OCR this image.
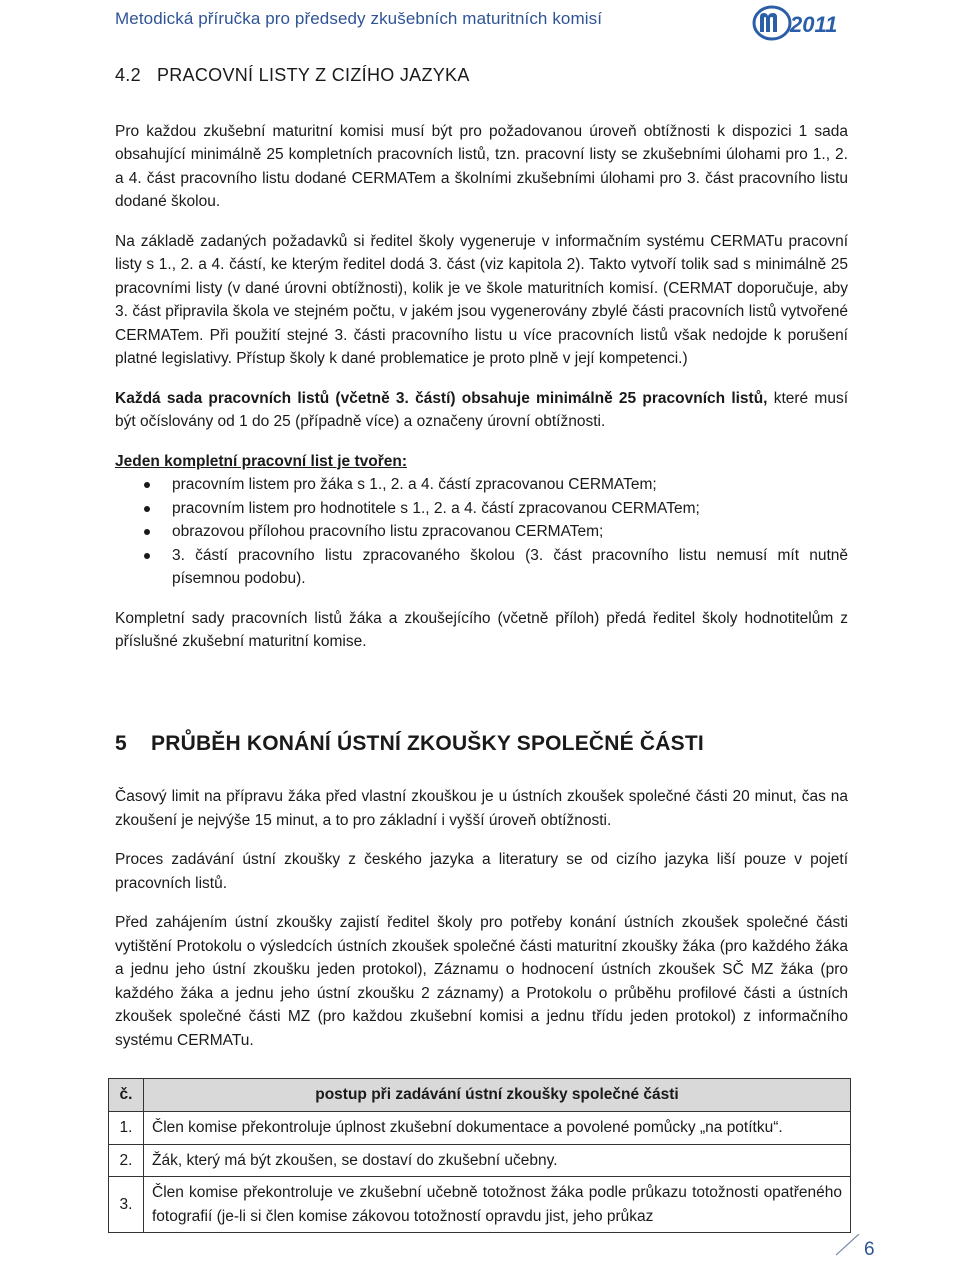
Metodická příručka pro předsedy zkušebních maturitních komisí	2011
4.2 PRACOVNÍ LISTY Z CIZÍHO JAZYKA

Pro každou zkušební maturitní komisi musí být pro požadovanou úroveň obtížnosti k dispozici 1 sada obsahující minimálně 25 kompletních pracovních listů, tzn. pracovní listy se zkušebními úlohami pro 1., 2. a 4. část pracovního listu dodané CERMATem a školními zkušebními úlohami pro 3. část pracovního listu dodané školou.

Na základě zadaných požadavků si ředitel školy vygeneruje v informačním systému CERMATu pracovní listy s 1., 2. a 4. částí, ke kterým ředitel dodá 3. část (viz kapitola 2). Takto vytvoří tolik sad s minimálně 25 pracovními listy (v dané úrovni obtížnosti), kolik je ve škole maturitních komisí. (CERMAT doporučuje, aby 3. část připravila škola ve stejném počtu, v jakém jsou vygenerovány zbylé části pracovních listů vytvořené CERMATem. Při použití stejné 3. části pracovního listu u více pracovních listů však nedojde k porušení platné legislativy. Přístup školy k dané problematice je proto plně v její kompetenci.)

Každá sada pracovních listů (včetně 3. částí) obsahuje minimálně 25 pracovních listů, které musí být očíslovány od 1 do 25 (případně více) a označeny úrovní obtížnosti.

Jeden kompletní pracovní list je tvořen:
pracovním listem pro žáka s 1., 2. a 4. částí zpracovanou CERMATem;
pracovním listem pro hodnotitele s 1., 2. a 4. částí zpracovanou CERMATem;
obrazovou přílohou pracovního listu zpracovanou CERMATem;
3. částí pracovního listu zpracovaného školou (3. část pracovního listu nemusí mít nutně písemnou podobu).

Kompletní sady pracovních listů žáka a zkoušejícího (včetně příloh) předá ředitel školy hodnotitelům z příslušné zkušební maturitní komise.

5 PRŮBĚH KONÁNÍ ÚSTNÍ ZKOUŠKY SPOLEČNÉ ČÁSTI

Časový limit na přípravu žáka před vlastní zkouškou je u ústních zkoušek společné části 20 minut, čas na zkoušení je nejvýše 15 minut, a to pro základní i vyšší úroveň obtížnosti.

Proces zadávání ústní zkoušky z českého jazyka a literatury se od cizího jazyka liší pouze v pojetí pracovních listů.

Před zahájením ústní zkoušky zajistí ředitel školy pro potřeby konání ústních zkoušek společné části vytištění Protokolu o výsledcích ústních zkoušek společné části maturitní zkoušky žáka (pro každého žáka a jednu jeho ústní zkoušku jeden protokol), Záznamu o hodnocení ústních zkoušek SČ MZ žáka (pro každého žáka a jednu jeho ústní zkoušku 2 záznamy) a Protokolu o průběhu profilové části a ústních zkoušek společné části MZ (pro každou zkušební komisi a jednu třídu jeden protokol) z informačního systému CERMATu.

č.	postup při zadávání ústní zkoušky společné části
1.	Člen komise překontroluje úplnost zkušební dokumentace a povolené pomůcky „na potítku“.
2.	Žák, který má být zkoušen, se dostaví do zkušební učebny.
3.	Člen komise překontroluje ve zkušební učebně totožnost žáka podle průkazu totožnosti opatřeného fotografií (je-li si člen komise zákovou totožností opravdu jist, jeho průkaz
6
